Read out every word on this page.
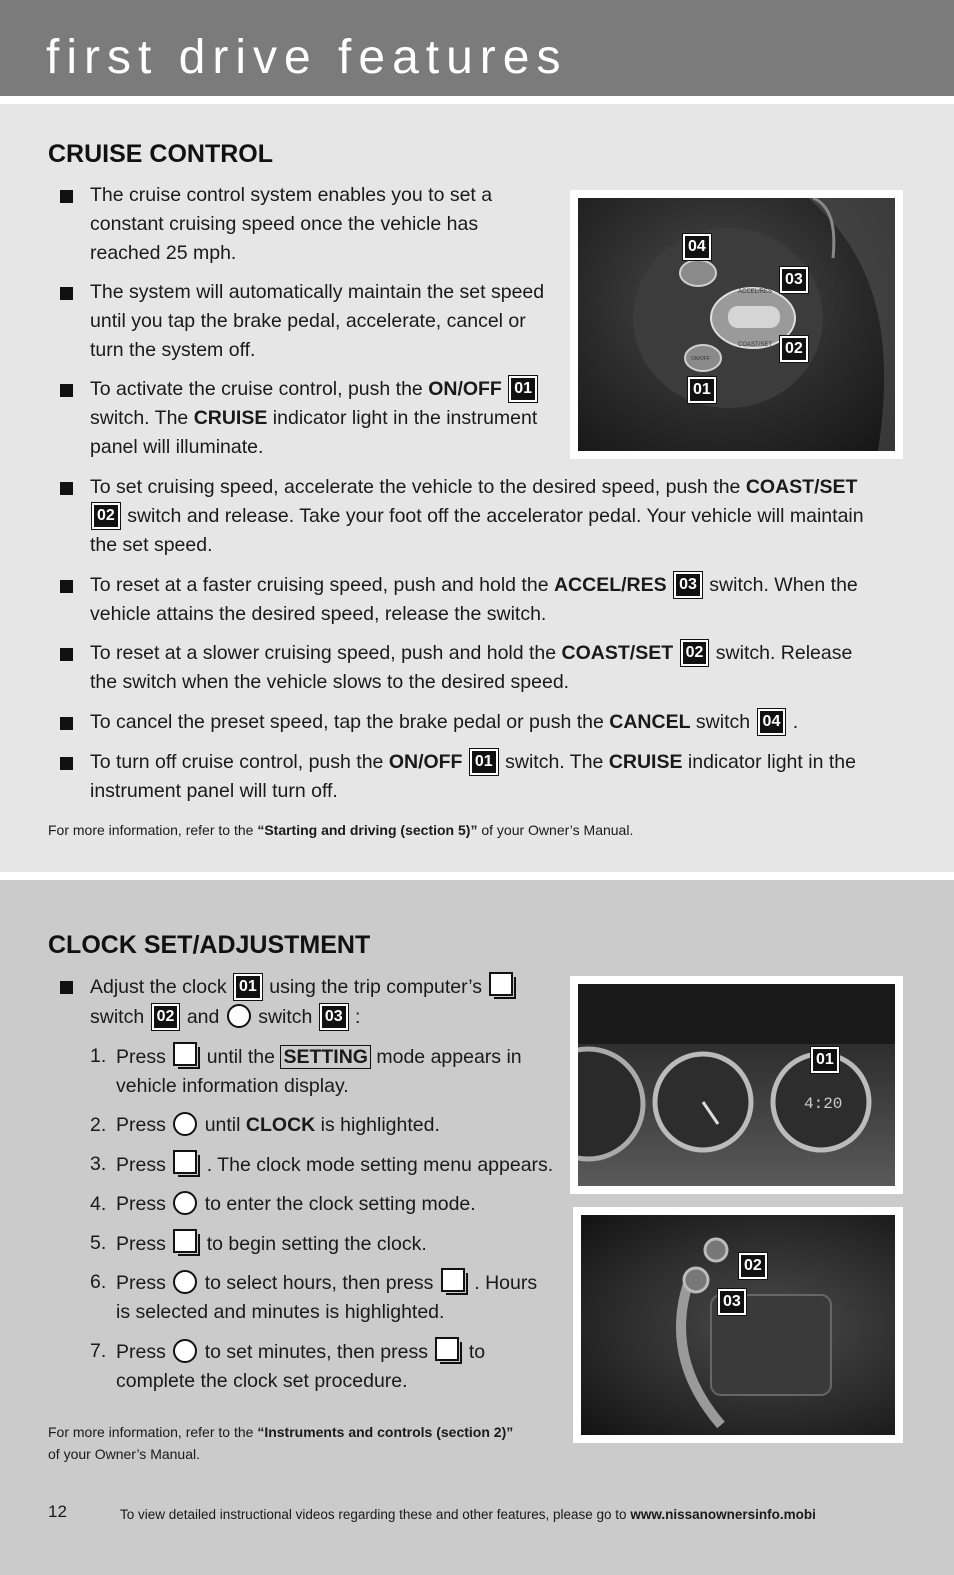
first drive features
CRUISE CONTROL
The cruise control system enables you to set a constant cruising speed once the vehicle has reached 25 mph.
The system will automatically maintain the set speed until you tap the brake pedal, accelerate, cancel or turn the system off.
To activate the cruise control, push the ON/OFF 01
switch. The CRUISE indicator light in the instrument panel will illuminate.
To set cruising speed, accelerate the vehicle to the desired speed, push the COAST/SET
02 switch and release. Take your foot off the accelerator pedal. Your vehicle will maintain the set speed.
To reset at a faster cruising speed, push and hold the ACCEL/RES 03 switch. When the vehicle attains the desired speed, release the switch.
To reset at a slower cruising speed, push and hold the COAST/SET 02 switch. Release the switch when the vehicle slows to the desired speed.
To cancel the preset speed, tap the brake pedal or push the CANCEL switch 04 .
To turn off cruise control, push the ON/OFF 01 switch. The CRUISE indicator light in the instrument panel will turn off.
For more information, refer to the “Starting and driving (section 5)” of your Owner’s Manual.
ACCEL/RES
COAST/SET
ON/OFF
04
03
02
01
CLOCK SET/ADJUSTMENT
Adjust the clock 01 using the trip computer’s
switch 02 and switch 03 :
1. Press until the SETTING mode appears in vehicle information display.
2. Press until CLOCK is highlighted.
3. Press . The clock mode setting menu appears.
4. Press to enter the clock setting mode.
5. Press to begin setting the clock.
6. Press to select hours, then press . Hours is selected and minutes is highlighted.
7. Press to set minutes, then press to complete the clock set procedure.
For more information, refer to the “Instruments and controls (section 2)”
of your Owner’s Manual.
4:20
01
02
03
12	To view detailed instructional videos regarding these and other features, please go to www.nissanownersinfo.mobi
